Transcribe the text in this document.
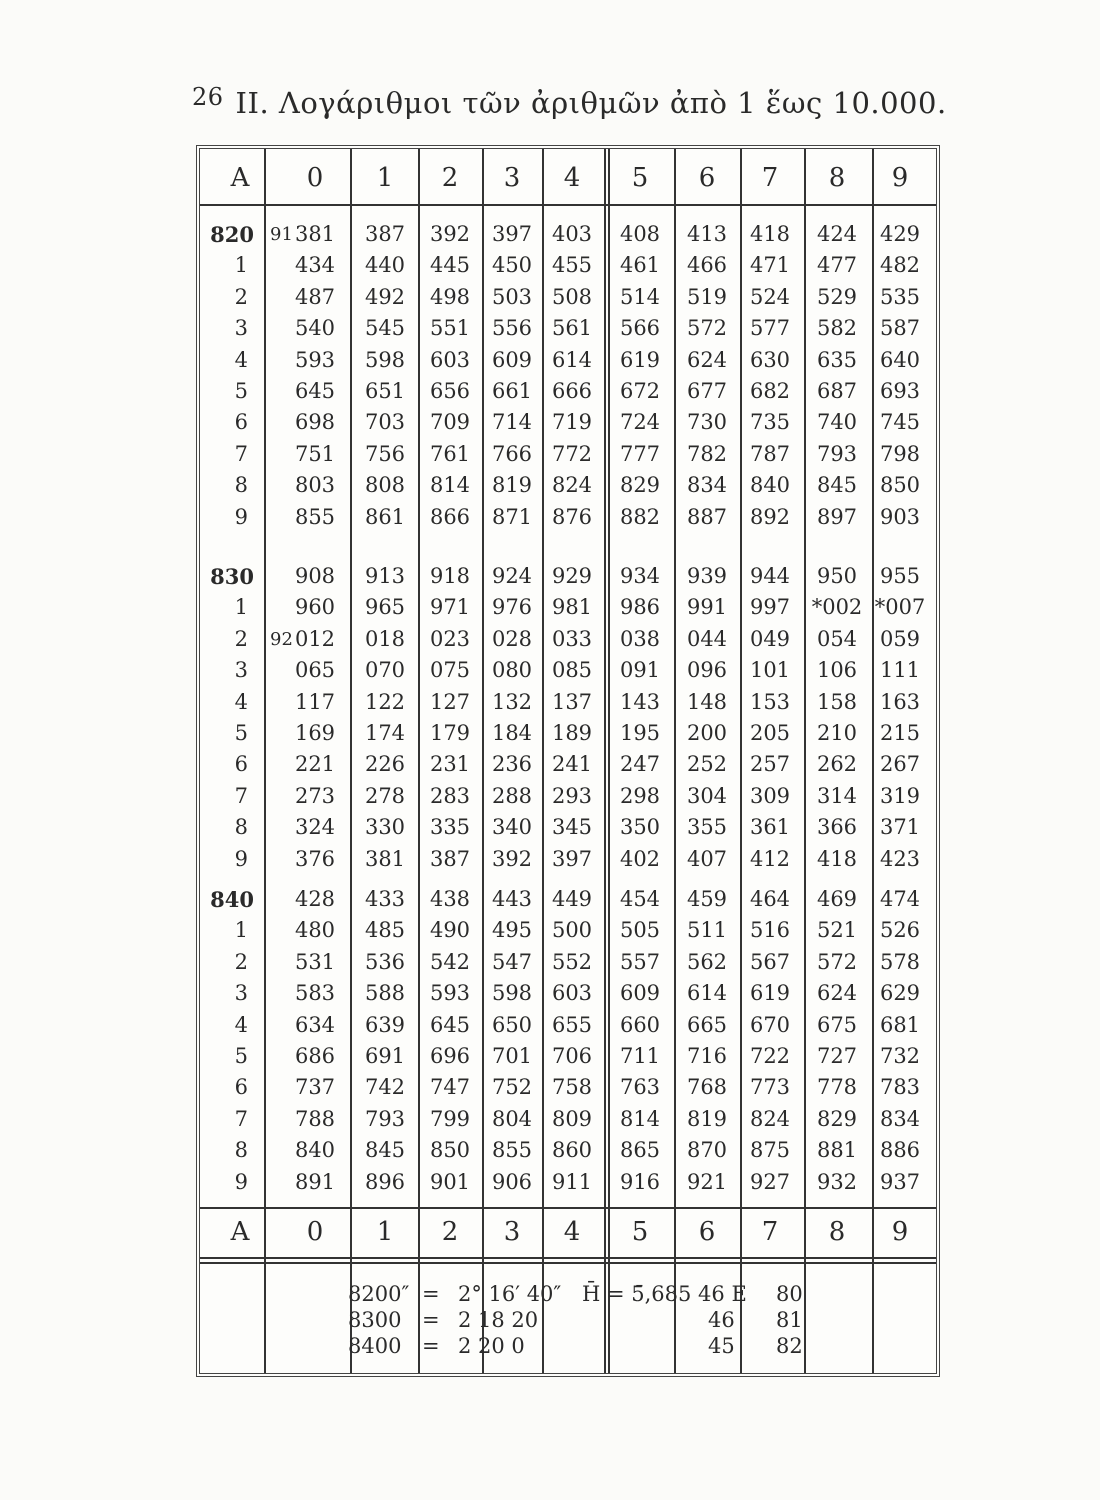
$^{26}$ II. Λογάριθμοι τῶν ἀριθμῶν ἀπὸ 1 ἕως 10.000.
A	0	1	2	3	4	5	6	7	8	9
820 91 381	387	392	397 403	408	413	418	424	429
1	434	440	445	450 455	461	466	471	477	482
2	487	492	498	503 508	514	519	524	529	535
3	540	545	551	556 561	566	572	577	582	587
4	593	598	603	609 614	619	624	630	635	640
5	645	651	656	661 666	672	677	682	687	693
6	698	703	709	714 719	724	730	735	740	745
7	751	756	761	766 772	777	782	787	793	798
8	803	808	814	819 824	829	834	840	845	850
9	855	861	866	871 876	882	887	892	897	903
830	908	913	918	924 929	934	939	944	950	955
1	960	965	971	976 981	986	991	997	*002 *007
2 92 012	018	023	028 033	038	044	049	054	059
3	065	070	075	080 085	091	096	101	106	111
4	117	122	127	132 137	143	148	153	158	163
5	169	174	179	184 189	195	200	205	210	215
6	221	226	231	236 241	247	252	257	262	267
7	273	278	283	288 293	298	304	309	314	319
8	324	330	335	340 345	350	355	361	366	371
9	376	381	387	392 397	402	407	412	418	423
840	428	433	438	443 449	454	459	464	469	474
1	480	485	490	495 500	505	511	516	521	526
2	531	536	542	547 552	557	562	567	572	578
3	583	588	593	598 603	609	614	619	624	629
4	634	639	645	650 655	660	665	670	675	681
5	686	691	696	701 706	711	716	722	727	732
6	737	742	747	752 758	763	768	773	778	783
7	788	793	799	804 809	814	819	824	829	834
8	840	845	850	855 860	865	870	875	881	886
9	891	896	901	906 911	916	921	927	932	937
A	0	1	2	3	4	5	6	7	8	9
8200″ = 2° 16′ 40″ H̄ = 5̄,685 46 E 80
8300 = 2 18 20	46 81
8400 = 2 20 0	45 82
